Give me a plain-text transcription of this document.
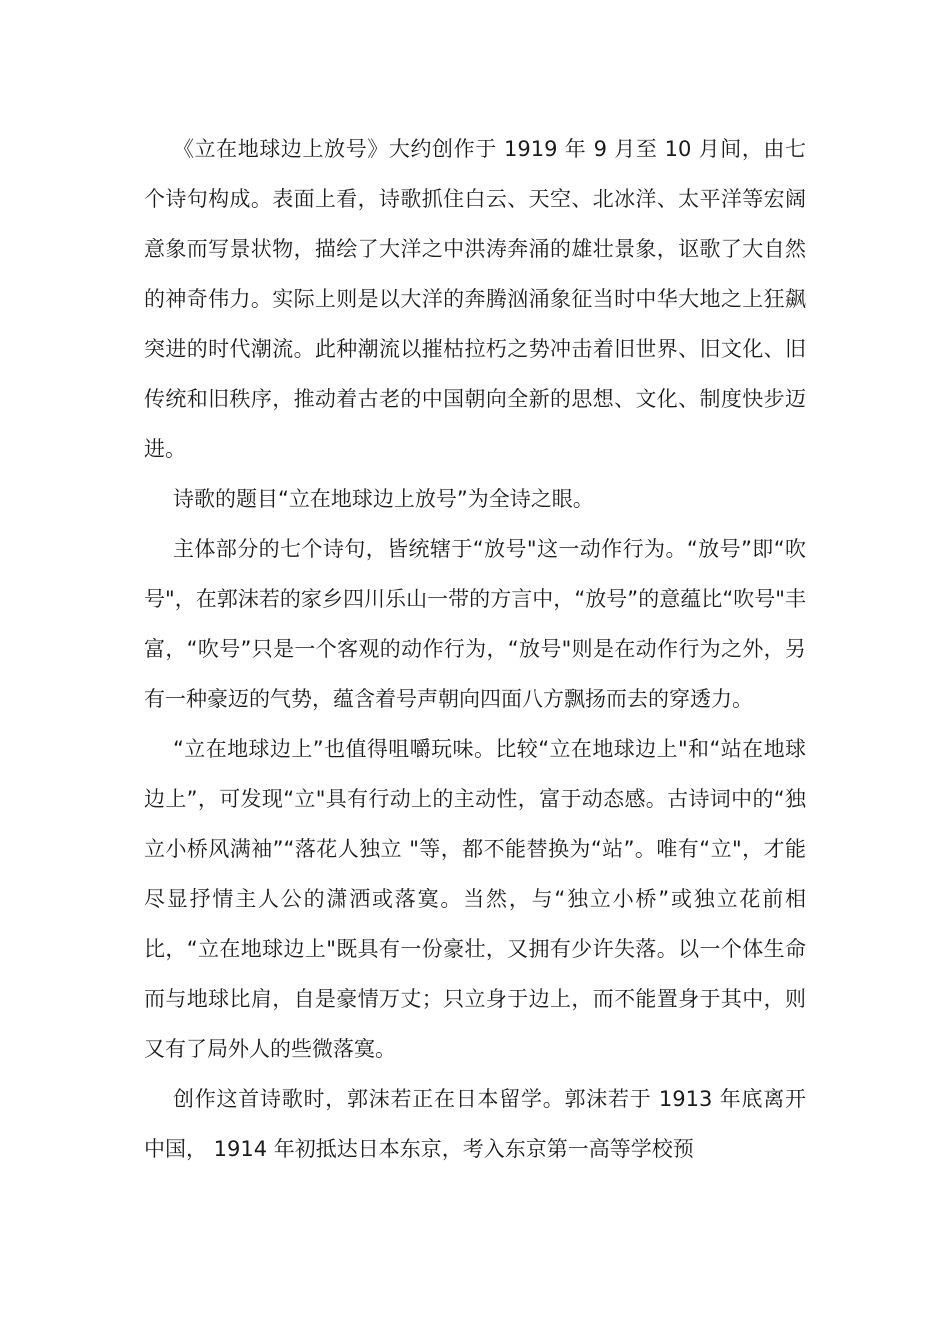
《立在地球边上放号》大约创作于 1919 年 9 月至 10 月间，由七个诗句构成。表面上看，诗歌抓住白云、天空、北冰洋、太平洋等宏阔意象而写景状物，描绘了大洋之中洪涛奔涌的雄壮景象，讴歌了大自然的神奇伟力。实际上则是以大洋的奔腾汹涌象征当时中华大地之上狂飙突进的时代潮流。此种潮流以摧枯拉朽之势冲击着旧世界、旧文化、旧传统和旧秩序，推动着古老的中国朝向全新的思想、文化、制度快步迈进。

诗歌的题目“立在地球边上放号”为全诗之眼。

主体部分的七个诗句，皆统辖于“放号"这一动作行为。“放号”即“吹号"，在郭沫若的家乡四川乐山一带的方言中，“放号”的意蕴比“吹号"丰富，“吹号”只是一个客观的动作行为，“放号"则是在动作行为之外，另有一种豪迈的气势，蕴含着号声朝向四面八方飘扬而去的穿透力。

“立在地球边上”也值得咀嚼玩味。比较“立在地球边上"和“站在地球边上”，可发现“立"具有行动上的主动性，富于动态感。古诗词中的“独立小桥风满袖”“落花人独立 "等，都不能替换为“站”。唯有“立"，才能尽显抒情主人公的潇洒或落寞。当然，与“独立小桥”或独立花前相比，“立在地球边上"既具有一份豪壮，又拥有少许失落。以一个体生命而与地球比肩，自是豪情万丈；只立身于边上，而不能置身于其中，则又有了局外人的些微落寞。

创作这首诗歌时，郭沫若正在日本留学。郭沫若于 1913 年底离开中国， 1914 年初抵达日本东京，考入东京第一高等学校预
